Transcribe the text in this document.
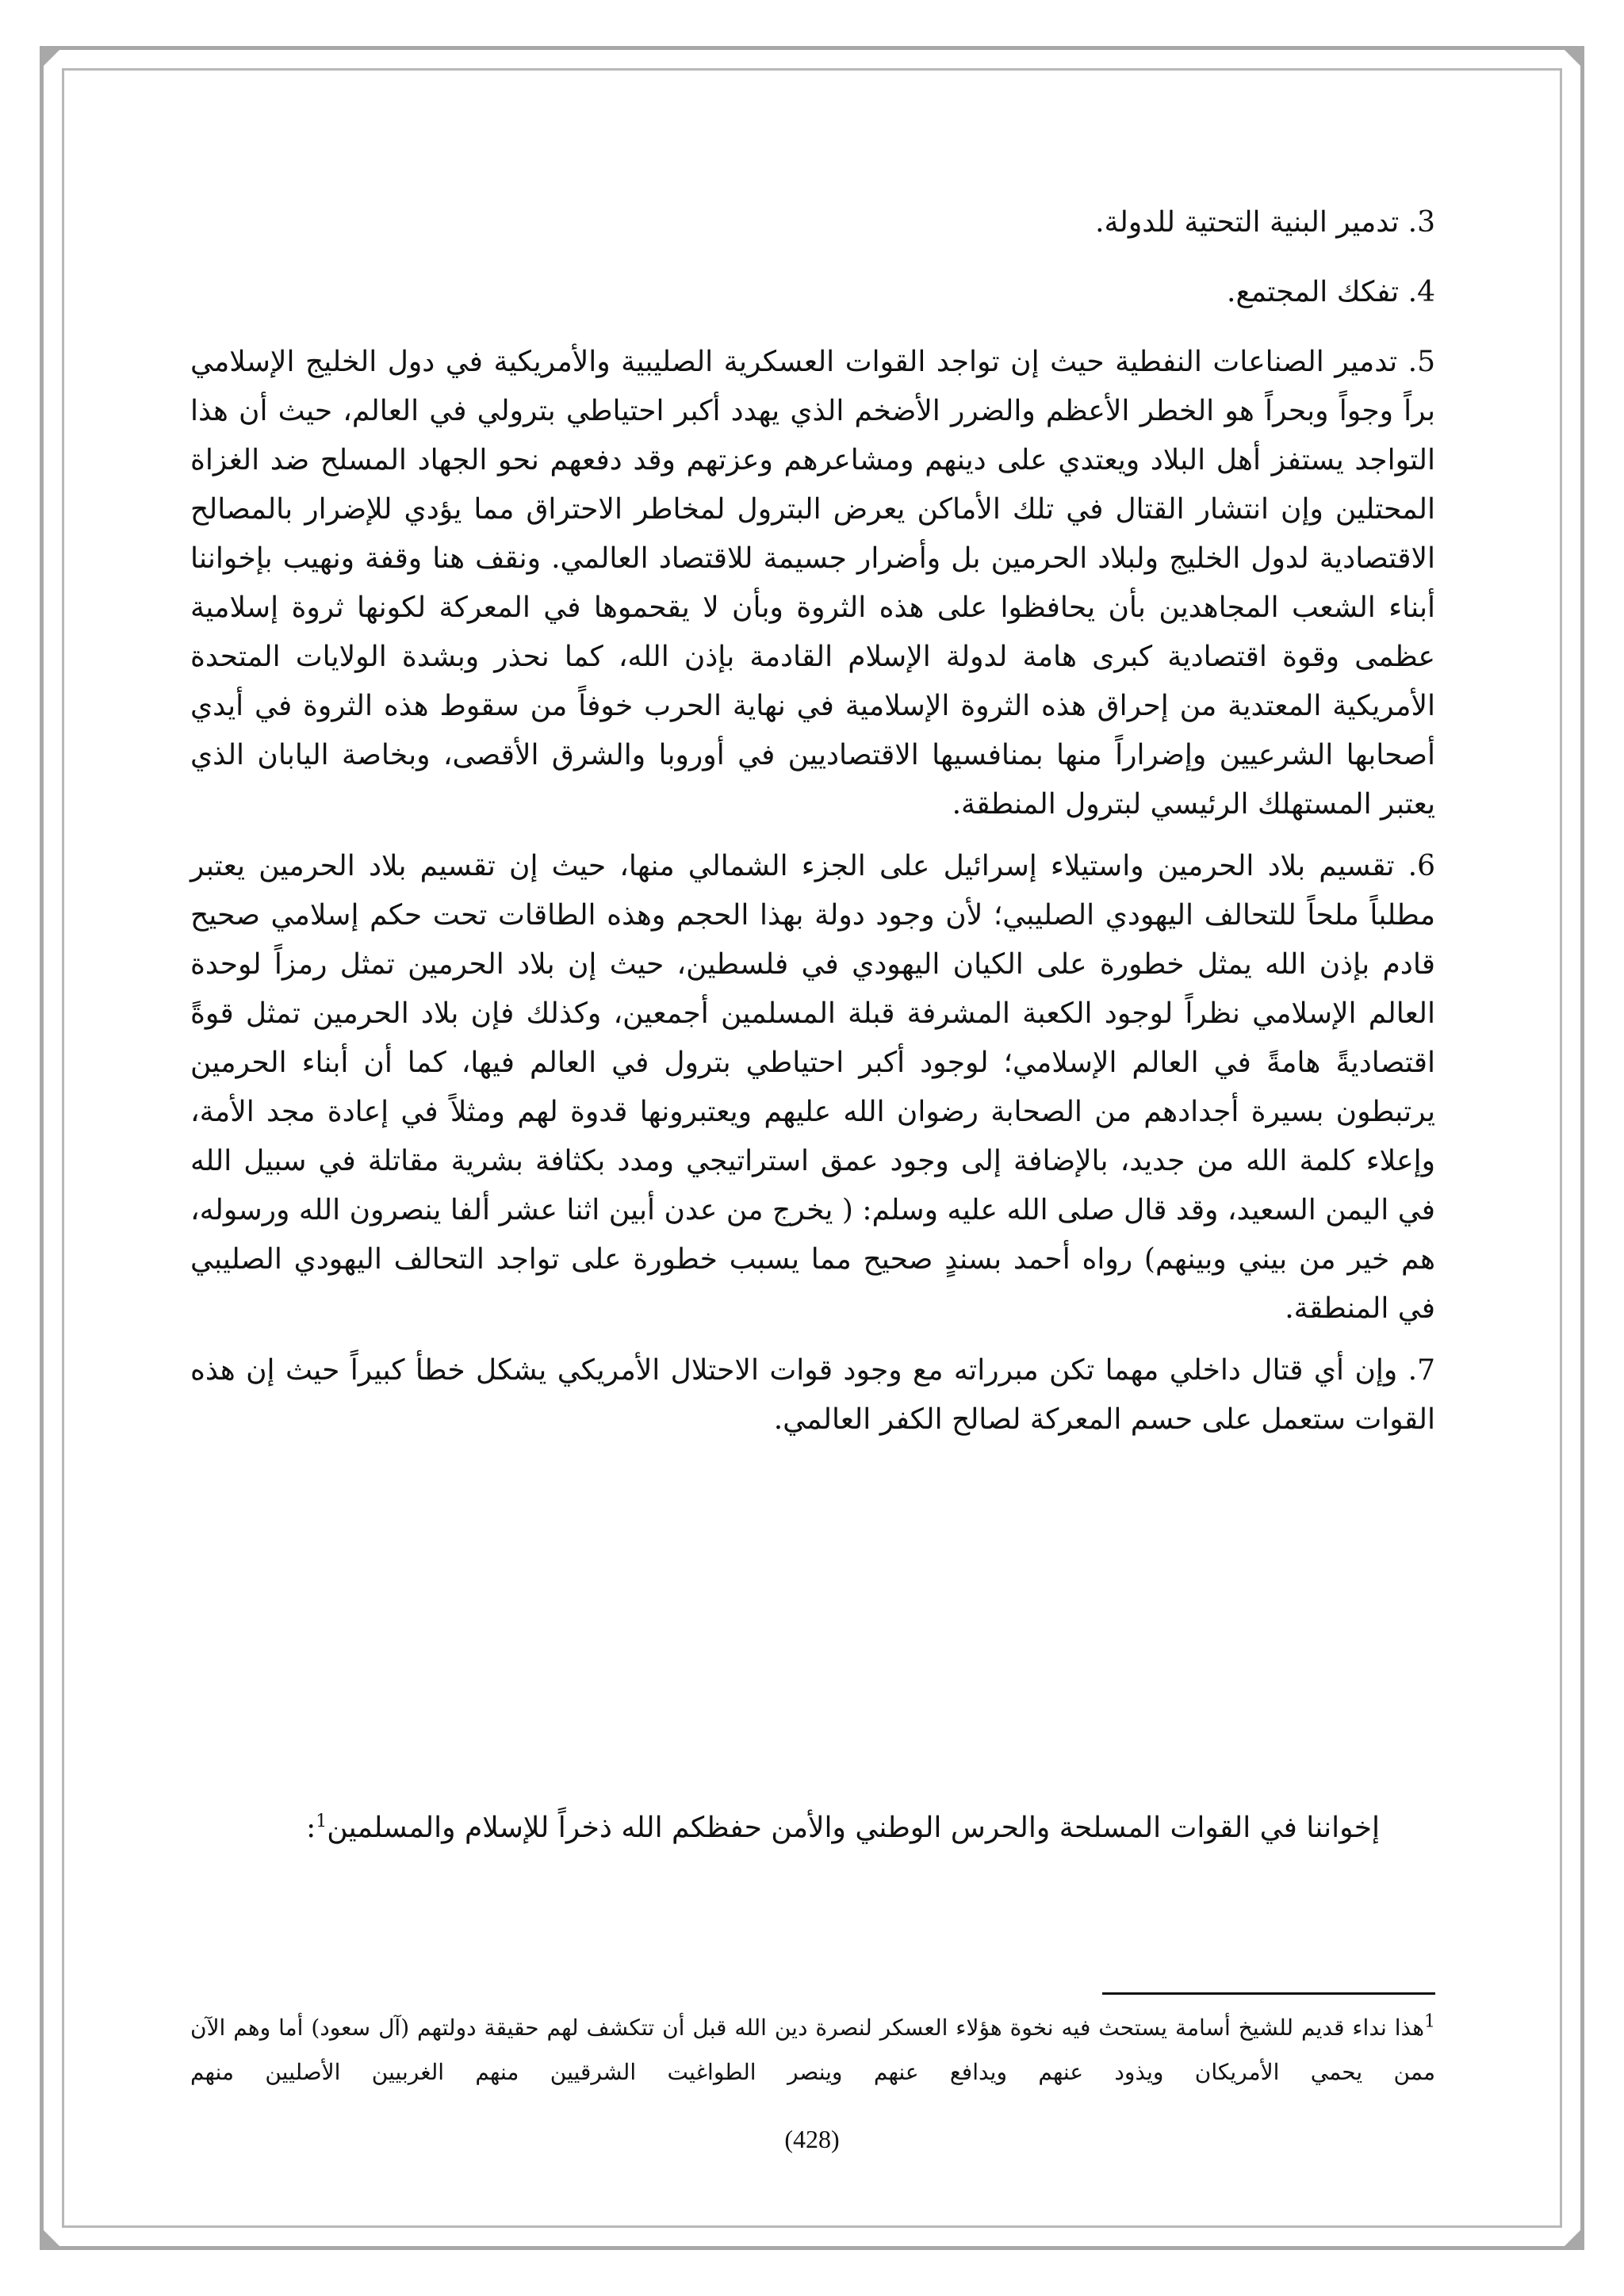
3. تدمير البنية التحتية للدولة.

4. تفكك المجتمع.

5. تدمير الصناعات النفطية حيث إن تواجد القوات العسكرية الصليبية والأمريكية في دول الخليج الإسلامي براً وجواً وبحراً هو الخطر الأعظم والضرر الأضخم الذي يهدد أكبر احتياطي بترولي في العالم، حيث أن هذا التواجد يستفز أهل البلاد ويعتدي على دينهم ومشاعرهم وعزتهم وقد دفعهم نحو الجهاد المسلح ضد الغزاة المحتلين وإن انتشار القتال في تلك الأماكن يعرض البترول لمخاطر الاحتراق مما يؤدي للإضرار بالمصالح الاقتصادية لدول الخليج ولبلاد الحرمين بل وأضرار جسيمة للاقتصاد العالمي. ونقف هنا وقفة ونهيب بإخواننا أبناء الشعب المجاهدين بأن يحافظوا على هذه الثروة وبأن لا يقحموها في المعركة لكونها ثروة إسلامية عظمى وقوة اقتصادية كبرى هامة لدولة الإسلام القادمة بإذن الله، كما نحذر وبشدة الولايات المتحدة الأمريكية المعتدية من إحراق هذه الثروة الإسلامية في نهاية الحرب خوفاً من سقوط هذه الثروة في أيدي أصحابها الشرعيين وإضراراً منها بمنافسيها الاقتصاديين في أوروبا والشرق الأقصى، وبخاصة اليابان الذي يعتبر المستهلك الرئيسي لبترول المنطقة.

6. تقسيم بلاد الحرمين واستيلاء إسرائيل على الجزء الشمالي منها، حيث إن تقسيم بلاد الحرمين يعتبر مطلباً ملحاً للتحالف اليهودي الصليبي؛ لأن وجود دولة بهذا الحجم وهذه الطاقات تحت حكم إسلامي صحيح قادم بإذن الله يمثل خطورة على الكيان اليهودي في فلسطين، حيث إن بلاد الحرمين تمثل رمزاً لوحدة العالم الإسلامي نظراً لوجود الكعبة المشرفة قبلة المسلمين أجمعين، وكذلك فإن بلاد الحرمين تمثل قوةً اقتصاديةً هامةً في العالم الإسلامي؛ لوجود أكبر احتياطي بترول في العالم فيها، كما أن أبناء الحرمين يرتبطون بسيرة أجدادهم من الصحابة رضوان الله عليهم ويعتبرونها قدوة لهم ومثلاً في إعادة مجد الأمة، وإعلاء كلمة الله من جديد، بالإضافة إلى وجود عمق استراتيجي ومدد بكثافة بشرية مقاتلة في سبيل الله في اليمن السعيد، وقد قال صلى الله عليه وسلم: ( يخرج من عدن أبين اثنا عشر ألفا ينصرون الله ورسوله، هم خير من بيني وبينهم) رواه أحمد بسندٍ صحيح مما يسبب خطورة على تواجد التحالف اليهودي الصليبي في المنطقة.

7. وإن أي قتال داخلي مهما تكن مبرراته مع وجود قوات الاحتلال الأمريكي يشكل خطأ كبيراً حيث إن هذه القوات ستعمل على حسم المعركة لصالح الكفر العالمي.

إخواننا في القوات المسلحة والحرس الوطني والأمن حفظكم الله ذخراً للإسلام والمسلمين$^1$:
$^1$هذا نداء قديم للشيخ أسامة يستحث فيه نخوة هؤلاء العسكر لنصرة دين الله قبل أن تتكشف لهم حقيقة دولتهم (آل سعود) أما وهم الآن ممن يحمي الأمريكان ويذود عنهم ويدافع عنهم وينصر الطواغيت الشرقيين منهم الغربيين الأصليين منهم
(428)
